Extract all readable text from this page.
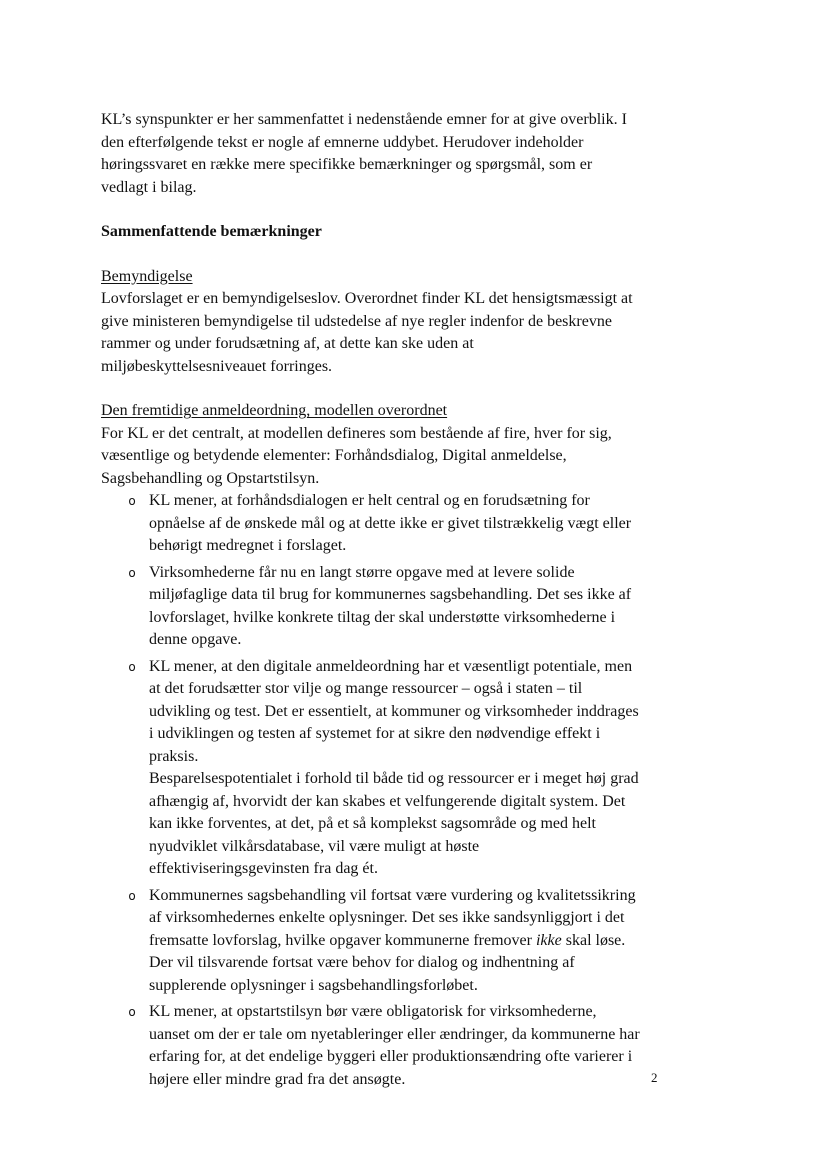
KL’s synspunkter er her sammenfattet i nedenstående emner for at give overblik. I den efterfølgende tekst er nogle af emnerne uddybet. Herudover indeholder høringssvaret en række mere specifikke bemærkninger og spørgsmål, som er vedlagt i bilag.

Sammenfattende bemærkninger
Bemyndigelse

Lovforslaget er en bemyndigelseslov. Overordnet finder KL det hensigtsmæssigt at give ministeren bemyndigelse til udstedelse af nye regler indenfor de beskrevne rammer og under forudsætning af, at dette kan ske uden at miljøbeskyttelsesniveauet forringes.

Den fremtidige anmeldeordning, modellen overordnet

For KL er det centralt, at modellen defineres som bestående af fire, hver for sig, væsentlige og betydende elementer: Forhåndsdialog, Digital anmeldelse, Sagsbehandling og Opstartstilsyn.

o KL mener, at forhåndsdialogen er helt central og en forudsætning for opnåelse af de ønskede mål og at dette ikke er givet tilstrækkelig vægt eller behørigt medregnet i forslaget.
o Virksomhederne får nu en langt større opgave med at levere solide miljøfaglige data til brug for kommunernes sagsbehandling. Det ses ikke af lovforslaget, hvilke konkrete tiltag der skal understøtte virksomhederne i denne opgave.
o KL mener, at den digitale anmeldeordning har et væsentligt potentiale, men at det forudsætter stor vilje og mange ressourcer – også i staten – til udvikling og test. Det er essentielt, at kommuner og virksomheder inddrages i udviklingen og testen af systemet for at sikre den nødvendige effekt i praksis.
Besparelsespotentialet i forhold til både tid og ressourcer er i meget høj grad afhængig af, hvorvidt der kan skabes et velfungerende digitalt system. Det kan ikke forventes, at det, på et så komplekst sagsområde og med helt nyudviklet vilkårsdatabase, vil være muligt at høste effektiviseringsgevinsten fra dag ét.
o Kommunernes sagsbehandling vil fortsat være vurdering og kvalitetssikring af virksomhedernes enkelte oplysninger. Det ses ikke sandsynliggjort i det fremsatte lovforslag, hvilke opgaver kommunerne fremover ikke skal løse. Der vil tilsvarende fortsat være behov for dialog og indhentning af supplerende oplysninger i sagsbehandlingsforløbet.
o KL mener, at opstartstilsyn bør være obligatorisk for virksomhederne, uanset om der er tale om nyetableringer eller ændringer, da kommunerne har erfaring for, at det endelige byggeri eller produktionsændring ofte varierer i højere eller mindre grad fra det ansøgte.	2
